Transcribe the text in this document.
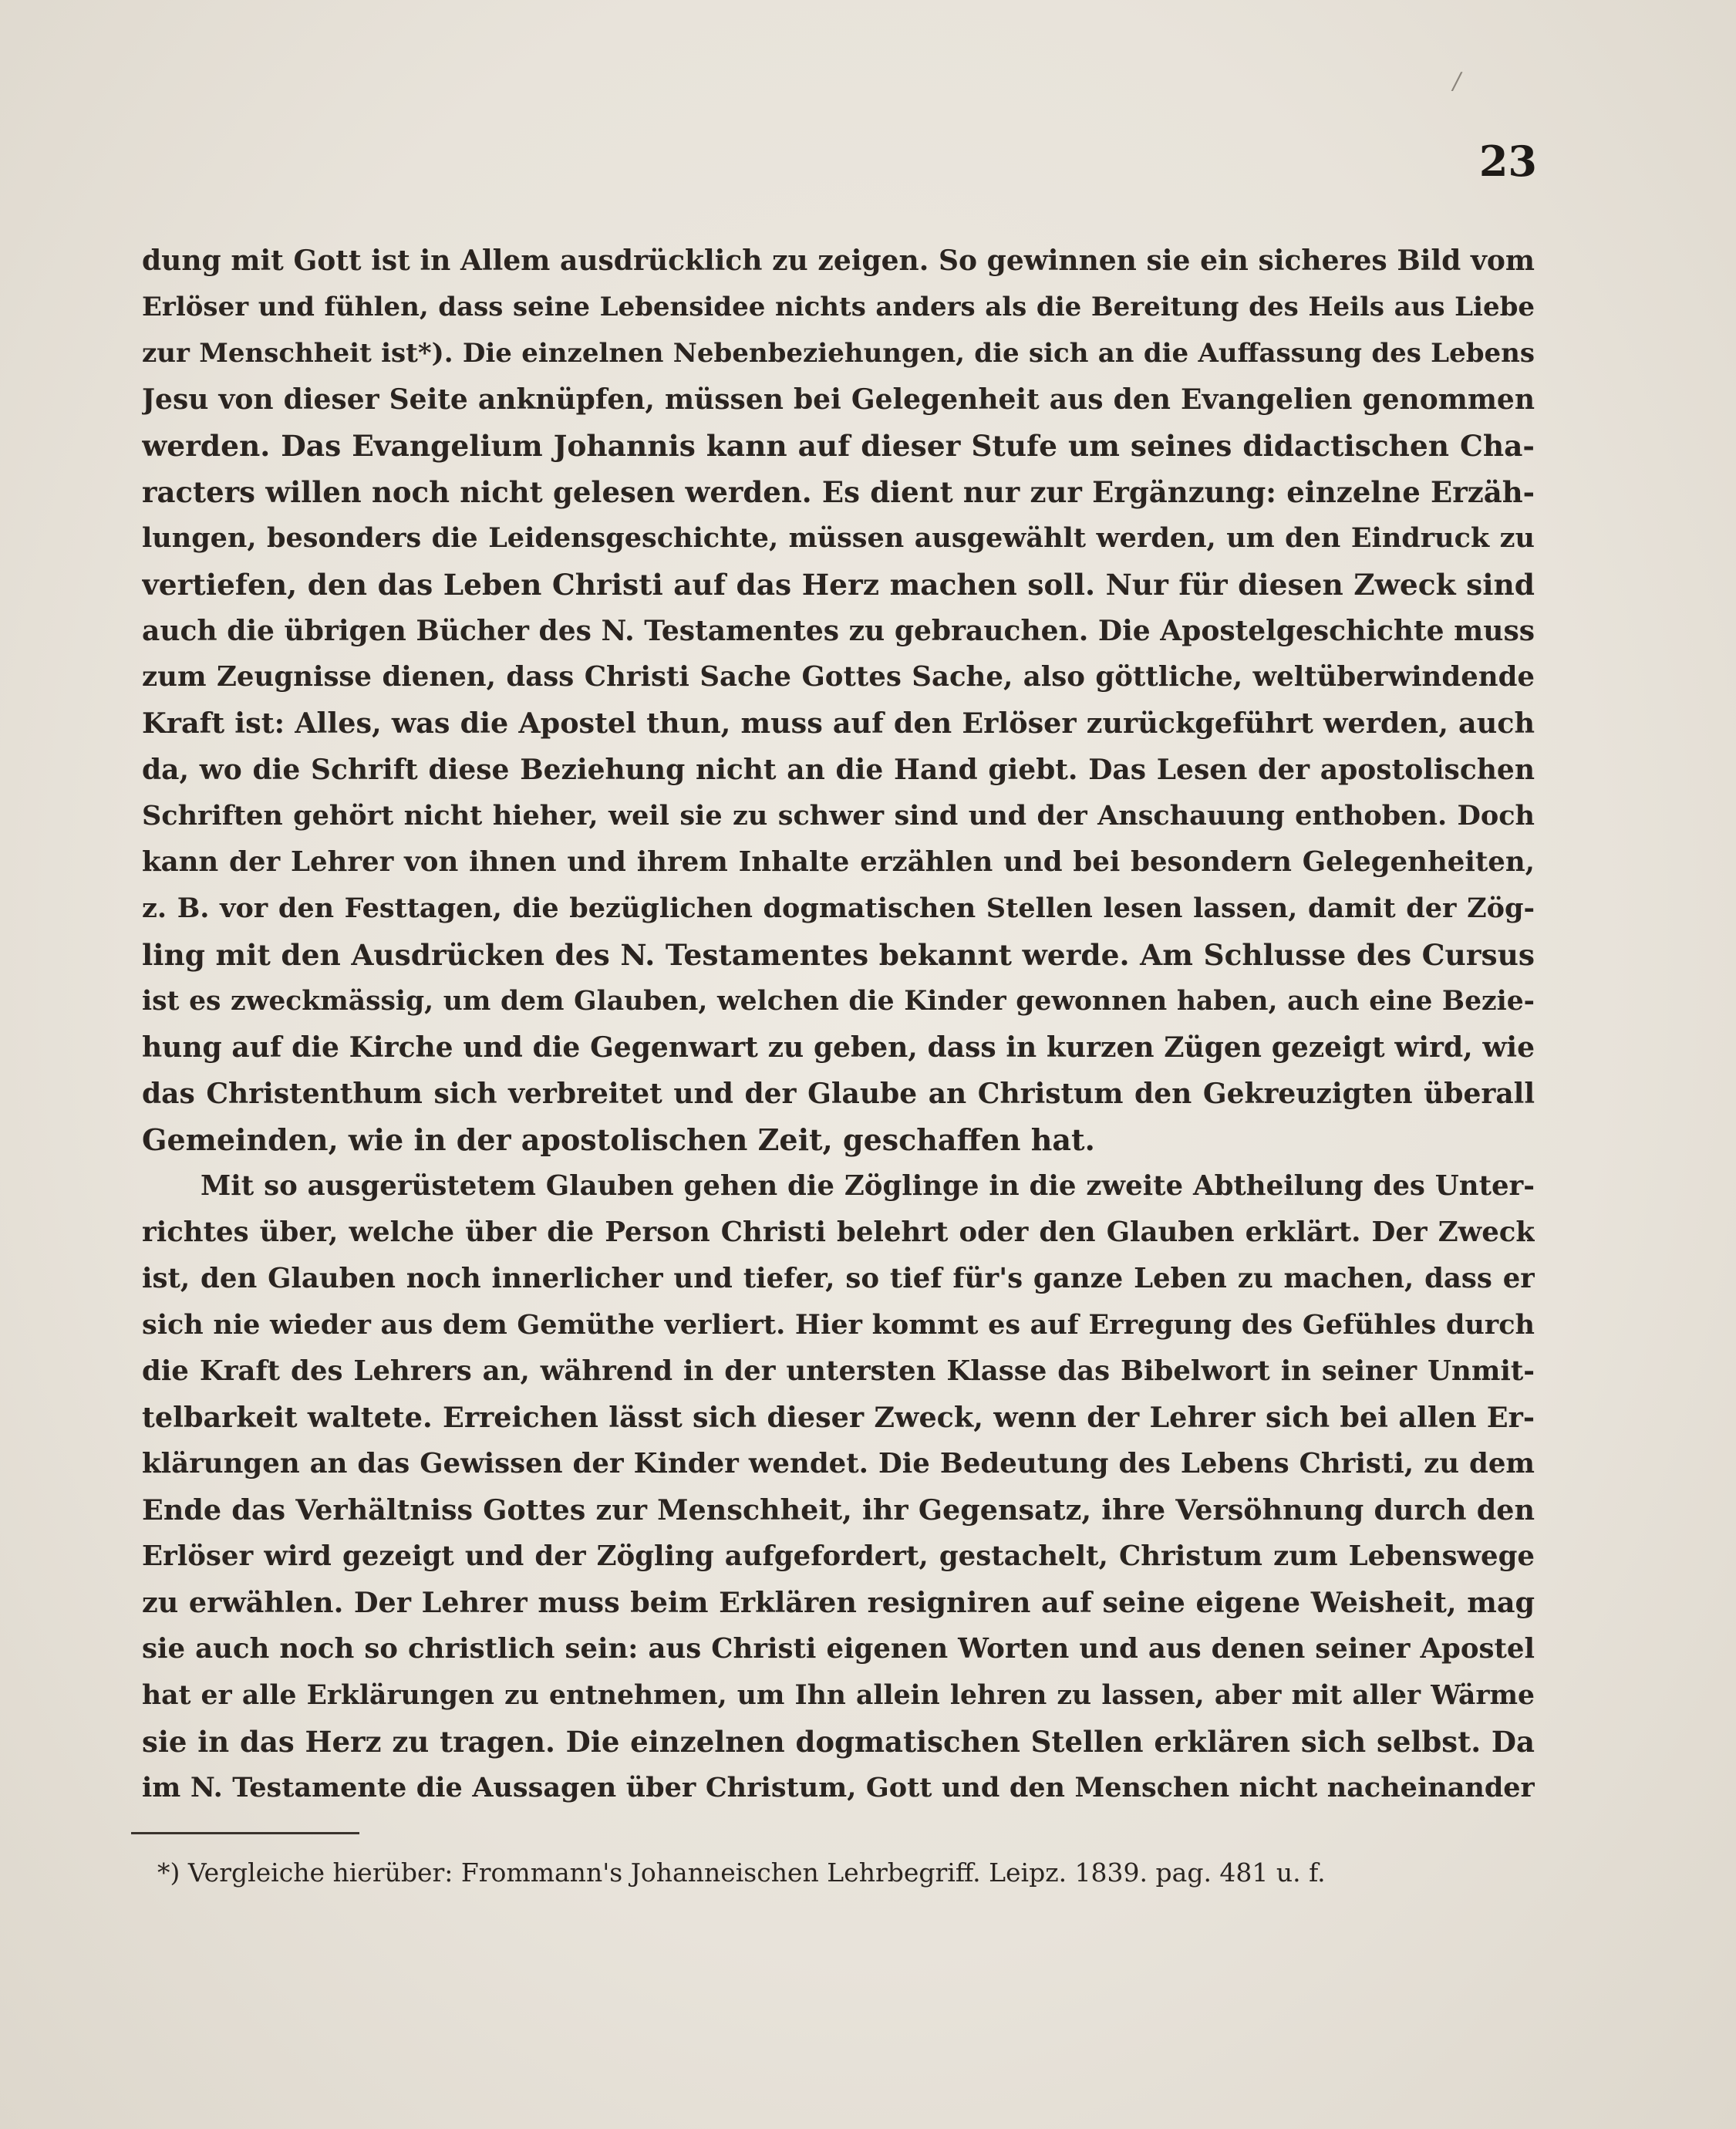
/
23
dung mit Gott ist in Allem ausdrücklich zu zeigen. So gewinnen sie ein sicheres Bild vom
Erlöser und fühlen, dass seine Lebensidee nichts anders als die Bereitung des Heils aus Liebe
zur Menschheit ist*). Die einzelnen Nebenbeziehungen, die sich an die Auffassung des Lebens
Jesu von dieser Seite anknüpfen, müssen bei Gelegenheit aus den Evangelien genommen
werden. Das Evangelium Johannis kann auf dieser Stufe um seines didactischen Cha-
racters willen noch nicht gelesen werden. Es dient nur zur Ergänzung: einzelne Erzäh-
lungen, besonders die Leidensgeschichte, müssen ausgewählt werden, um den Eindruck zu
vertiefen, den das Leben Christi auf das Herz machen soll. Nur für diesen Zweck sind
auch die übrigen Bücher des N. Testamentes zu gebrauchen. Die Apostelgeschichte muss
zum Zeugnisse dienen, dass Christi Sache Gottes Sache, also göttliche, weltüberwindende
Kraft ist: Alles, was die Apostel thun, muss auf den Erlöser zurückgeführt werden, auch
da, wo die Schrift diese Beziehung nicht an die Hand giebt. Das Lesen der apostolischen
Schriften gehört nicht hieher, weil sie zu schwer sind und der Anschauung enthoben. Doch
kann der Lehrer von ihnen und ihrem Inhalte erzählen und bei besondern Gelegenheiten,
z. B. vor den Festtagen, die bezüglichen dogmatischen Stellen lesen lassen, damit der Zög-
ling mit den Ausdrücken des N. Testamentes bekannt werde. Am Schlusse des Cursus
ist es zweckmässig, um dem Glauben, welchen die Kinder gewonnen haben, auch eine Bezie-
hung auf die Kirche und die Gegenwart zu geben, dass in kurzen Zügen gezeigt wird, wie
das Christenthum sich verbreitet und der Glaube an Christum den Gekreuzigten überall
Gemeinden, wie in der apostolischen Zeit, geschaffen hat.
Mit so ausgerüstetem Glauben gehen die Zöglinge in die zweite Abtheilung des Unter-
richtes über, welche über die Person Christi belehrt oder den Glauben erklärt. Der Zweck
ist, den Glauben noch innerlicher und tiefer, so tief für's ganze Leben zu machen, dass er
sich nie wieder aus dem Gemüthe verliert. Hier kommt es auf Erregung des Gefühles durch
die Kraft des Lehrers an, während in der untersten Klasse das Bibelwort in seiner Unmit-
telbarkeit waltete. Erreichen lässt sich dieser Zweck, wenn der Lehrer sich bei allen Er-
klärungen an das Gewissen der Kinder wendet. Die Bedeutung des Lebens Christi, zu dem
Ende das Verhältniss Gottes zur Menschheit, ihr Gegensatz, ihre Versöhnung durch den
Erlöser wird gezeigt und der Zögling aufgefordert, gestachelt, Christum zum Lebenswege
zu erwählen. Der Lehrer muss beim Erklären resigniren auf seine eigene Weisheit, mag
sie auch noch so christlich sein: aus Christi eigenen Worten und aus denen seiner Apostel
hat er alle Erklärungen zu entnehmen, um Ihn allein lehren zu lassen, aber mit aller Wärme
sie in das Herz zu tragen. Die einzelnen dogmatischen Stellen erklären sich selbst. Da
im N. Testamente die Aussagen über Christum, Gott und den Menschen nicht nacheinander
*) Vergleiche hierüber: Frommann's Johanneischen Lehrbegriff. Leipz. 1839. pag. 481 u. f.
